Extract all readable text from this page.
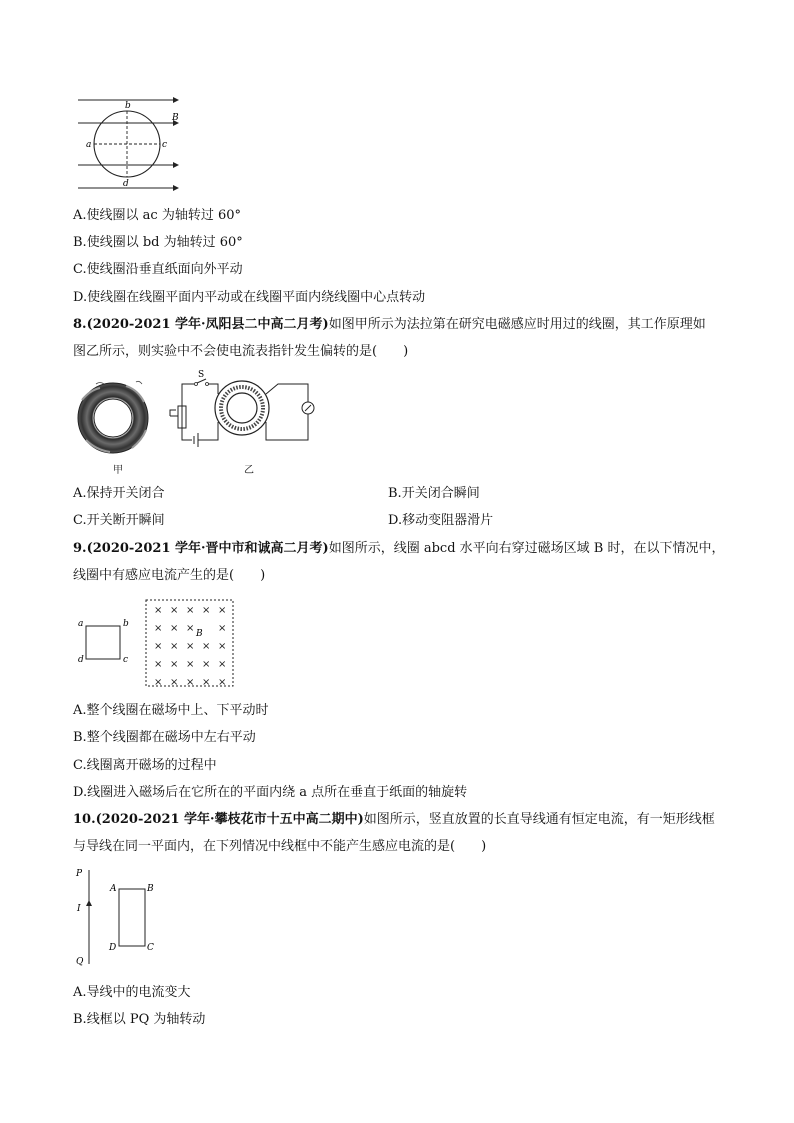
b
B
a	c
d
A.使线圈以 ac 为轴转过 60°
B.使线圈以 bd 为轴转过 60°
C.使线圈沿垂直纸面向外平动
D.使线圈在线圈平面内平动或在线圈平面内绕线圈中心点转动
8.(2020-2021 学年·凤阳县二中高二月考)如图甲所示为法拉第在研究电磁感应时用过的线圈，其工作原理如
图乙所示，则实验中不会使电流表指针发生偏转的是(　　)
甲
S
乙
A.保持开关闭合	B.开关闭合瞬间
C.开关断开瞬间	D.移动变阻器滑片
9.(2020-2021 学年·晋中市和诚高二月考)如图所示，线圈 abcd 水平向右穿过磁场区域 B 时，在以下情况中，
线圈中有感应电流产生的是(　　)
a	b
c
d
× × × × ×
× × × ×
× × × × ×
× × × × ×
× × × × ×
B
A.整个线圈在磁场中上、下平动时
B.整个线圈都在磁场中左右平动
C.线圈离开磁场的过程中
D.线圈进入磁场后在它所在的平面内绕 a 点所在垂直于纸面的轴旋转
10.(2020-2021 学年·攀枝花市十五中高二期中)如图所示，竖直放置的长直导线通有恒定电流，有一矩形线框
与导线在同一平面内，在下列情况中线框中不能产生感应电流的是(　　)
P
I
Q
A	B
C
D
A.导线中的电流变大
B.线框以 PQ 为轴转动
